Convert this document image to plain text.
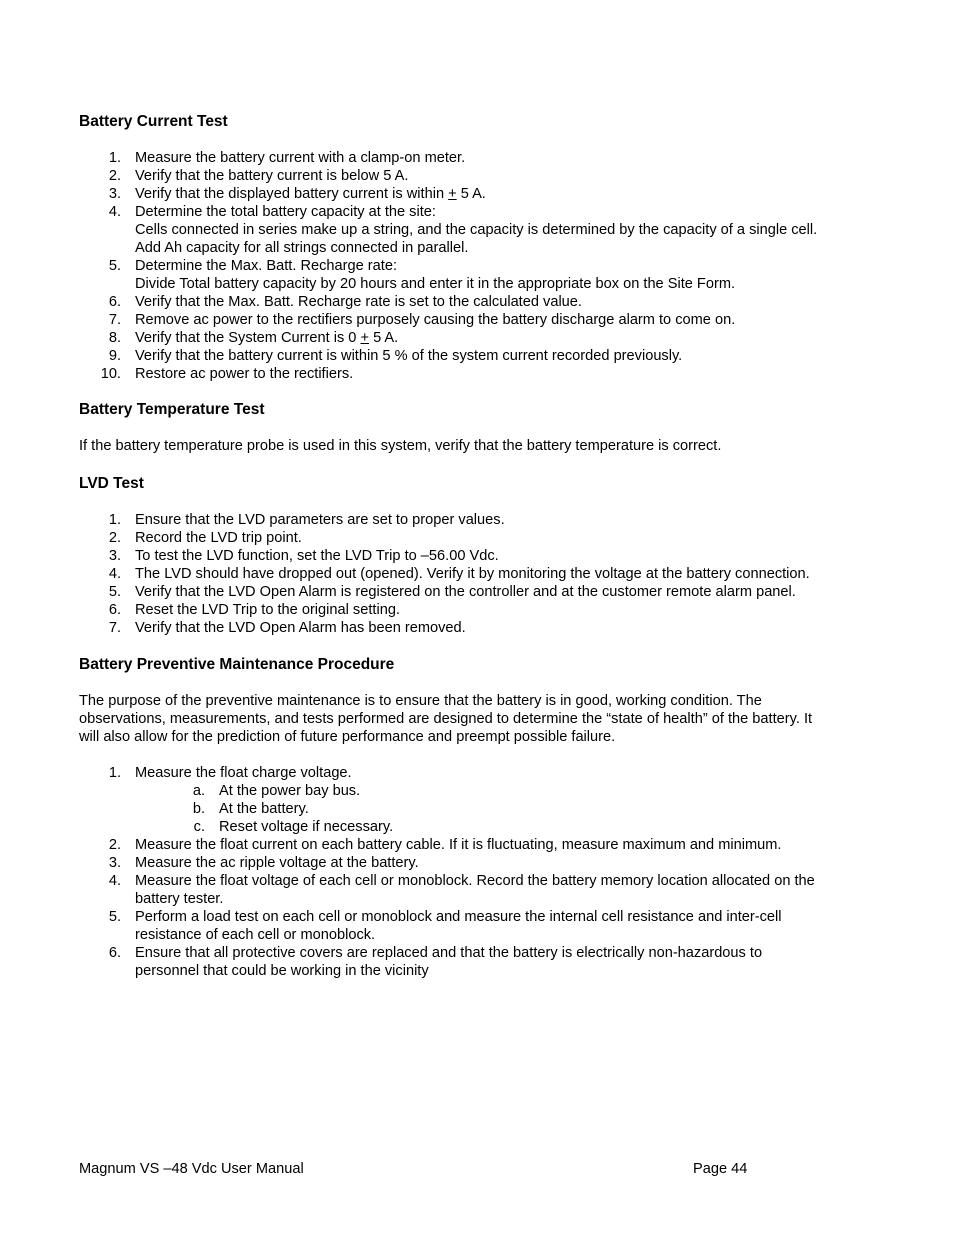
Battery Current Test
1. Measure the battery current with a clamp-on meter.
2. Verify that the battery current is below 5 A.
3. Verify that the displayed battery current is within + 5 A.
4. Determine the total battery capacity at the site:
Cells connected in series make up a string, and the capacity is determined by the capacity of a single cell.
Add Ah capacity for all strings connected in parallel.
5. Determine the Max. Batt. Recharge rate:
Divide Total battery capacity by 20 hours and enter it in the appropriate box on the Site Form.
6. Verify that the Max. Batt. Recharge rate is set to the calculated value.
7. Remove ac power to the rectifiers purposely causing the battery discharge alarm to come on.
8. Verify that the System Current is 0 + 5 A.
9. Verify that the battery current is within 5 % of the system current recorded previously.
10. Restore ac power to the rectifiers.
Battery Temperature Test
If the battery temperature probe is used in this system, verify that the battery temperature is correct.
LVD Test
1. Ensure that the LVD parameters are set to proper values.
2. Record the LVD trip point.
3. To test the LVD function, set the LVD Trip to –56.00 Vdc.
4. The LVD should have dropped out (opened). Verify it by monitoring the voltage at the battery connection.
5. Verify that the LVD Open Alarm is registered on the controller and at the customer remote alarm panel.
6. Reset the LVD Trip to the original setting.
7. Verify that the LVD Open Alarm has been removed.
Battery Preventive Maintenance Procedure
The purpose of the preventive maintenance is to ensure that the battery is in good, working condition. The
observations, measurements, and tests performed are designed to determine the “state of health” of the battery. It
will also allow for the prediction of future performance and preempt possible failure.
1. Measure the float charge voltage.
a. At the power bay bus.
b. At the battery.
c. Reset voltage if necessary.
2. Measure the float current on each battery cable. If it is fluctuating, measure maximum and minimum.
3. Measure the ac ripple voltage at the battery.
4. Measure the float voltage of each cell or monoblock. Record the battery memory location allocated on the
battery tester.
5. Perform a load test on each cell or monoblock and measure the internal cell resistance and inter-cell
resistance of each cell or monoblock.
6. Ensure that all protective covers are replaced and that the battery is electrically non-hazardous to
personnel that could be working in the vicinity
Magnum VS –48 Vdc User Manual	Page 44
